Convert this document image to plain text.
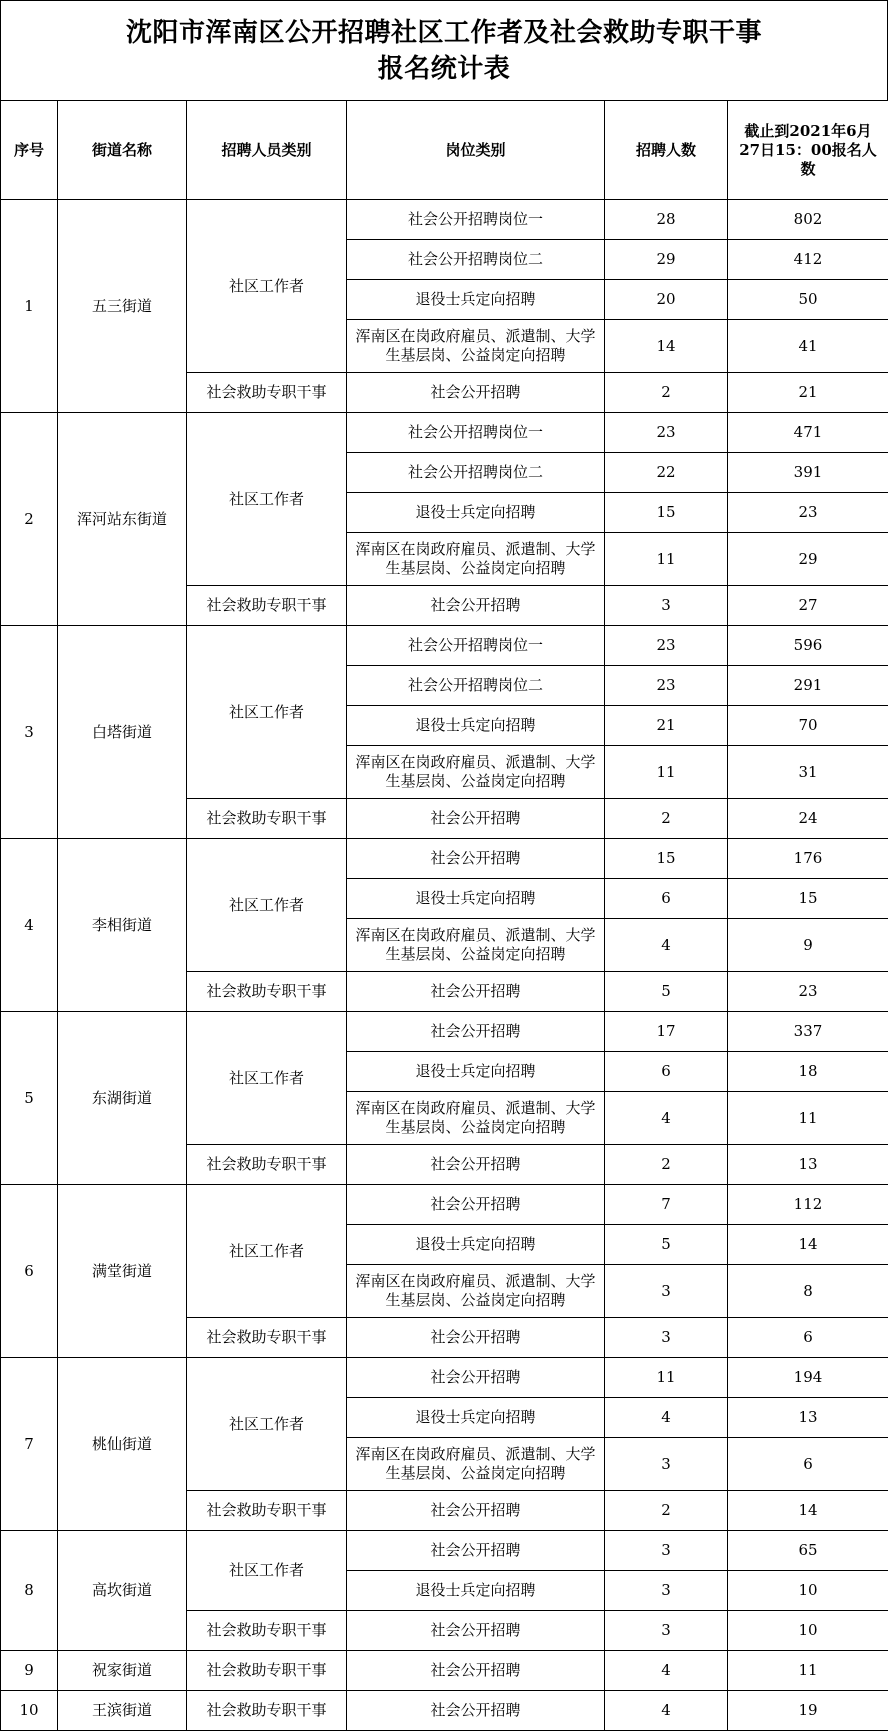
沈阳市浑南区公开招聘社区工作者及社会救助专职干事
报名统计表
序号	街道名称	招聘人员类别	岗位类别	招聘人数	截止到2021年6月27日15：00报名人数
1	五三街道	社区工作者	社会公开招聘岗位一	28	802
			社会公开招聘岗位二	29	412
			退役士兵定向招聘	20	50
			浑南区在岗政府雇员、派遣制、大学生基层岗、公益岗定向招聘	14	41
		社会救助专职干事	社会公开招聘	2	21
2	浑河站东街道	社区工作者	社会公开招聘岗位一	23	471
			社会公开招聘岗位二	22	391
			退役士兵定向招聘	15	23
			浑南区在岗政府雇员、派遣制、大学生基层岗、公益岗定向招聘	11	29
		社会救助专职干事	社会公开招聘	3	27
3	白塔街道	社区工作者	社会公开招聘岗位一	23	596
			社会公开招聘岗位二	23	291
			退役士兵定向招聘	21	70
			浑南区在岗政府雇员、派遣制、大学生基层岗、公益岗定向招聘	11	31
		社会救助专职干事	社会公开招聘	2	24
4	李相街道	社区工作者	社会公开招聘	15	176
			退役士兵定向招聘	6	15
			浑南区在岗政府雇员、派遣制、大学生基层岗、公益岗定向招聘	4	9
		社会救助专职干事	社会公开招聘	5	23
5	东湖街道	社区工作者	社会公开招聘	17	337
			退役士兵定向招聘	6	18
			浑南区在岗政府雇员、派遣制、大学生基层岗、公益岗定向招聘	4	11
		社会救助专职干事	社会公开招聘	2	13
6	满堂街道	社区工作者	社会公开招聘	7	112
			退役士兵定向招聘	5	14
			浑南区在岗政府雇员、派遣制、大学生基层岗、公益岗定向招聘	3	8
		社会救助专职干事	社会公开招聘	3	6
7	桃仙街道	社区工作者	社会公开招聘	11	194
			退役士兵定向招聘	4	13
			浑南区在岗政府雇员、派遣制、大学生基层岗、公益岗定向招聘	3	6
		社会救助专职干事	社会公开招聘	2	14
8	高坎街道	社区工作者	社会公开招聘	3	65
			退役士兵定向招聘	3	10
		社会救助专职干事	社会公开招聘	3	10
9	祝家街道	社会救助专职干事	社会公开招聘	4	11
10	王滨街道	社会救助专职干事	社会公开招聘	4	19
